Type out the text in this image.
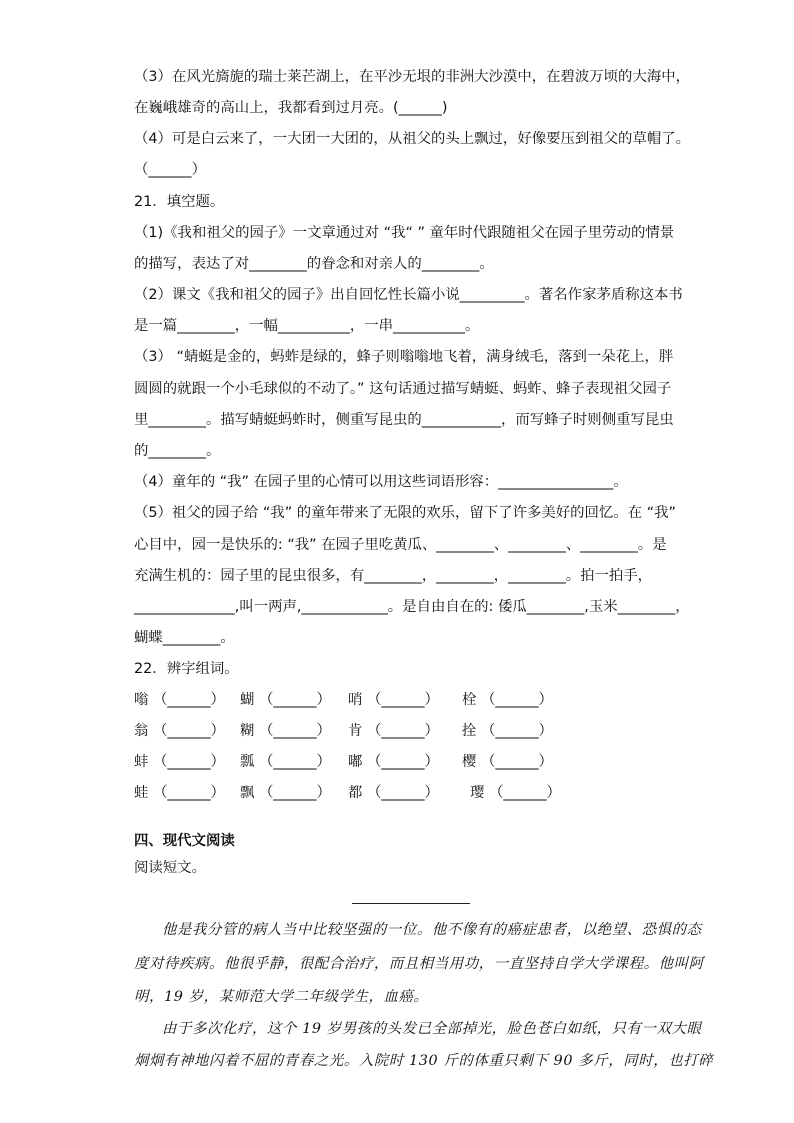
（3）在风光旖旎的瑞士莱芒湖上，在平沙无垠的非洲大沙漠中，在碧波万顷的大海中，
在巍峨雄奇的高山上，我都看到过月亮。(______)
（4）可是白云来了，一大团一大团的，从祖父的头上飘过，好像要压到祖父的草帽了。
（______）
21．填空题。
（1)《我和祖父的园子》一文章通过对 “我“ ” 童年时代跟随祖父在园子里劳动的情景
的描写，表达了对________的眷念和对亲人的________。
（2）课文《我和祖父的园子》出自回忆性长篇小说_________。著名作家茅盾称这本书
是一篇________，一幅__________，一串__________。
（3） “蜻蜓是金的，蚂蚱是绿的，蜂子则嗡嗡地飞着，满身绒毛，落到一朵花上，胖
圆圆的就跟一个小毛球似的不动了。” 这句话通过描写蜻蜓、蚂蚱、蜂子表现祖父园子
里________。描写蜻蜓蚂蚱时，侧重写昆虫的___________，而写蜂子时则侧重写昆虫
的________。
（4）童年的 “我” 在园子里的心情可以用这些词语形容：________________。
（5）祖父的园子给 “我” 的童年带来了无限的欢乐，留下了许多美好的回忆。在 “我”
心目中，园一是快乐的: “我” 在园子里吃黄瓜、________、________、________。是
充满生机的：园子里的昆虫很多，有________，________，________。拍一拍手，
______________,叫一两声,____________。是自由自在的: 倭瓜________,玉米________，
蝴蝶________。
22．辨字组词。
嗡 （______） 蝴 （______） 哨 （______） 栓 （______）
翁 （______） 糊 （______） 肯 （______） 拴 （______）
蚌 （______） 瓢 （______） 嘟 （______） 樱 （______）
蛙 （______） 飘 （______） 都 （______） 璎 （______）
四、现代文阅读
阅读短文。
他是我分管的病人当中比较坚强的一位。他不像有的癌症患者，以绝望、恐惧的态
度对待疾病。他很乎静，很配合治疗，而且相当用功，一直坚持自学大学课程。他叫阿
明，19 岁，某师范大学二年级学生，血癌。
由于多次化疗，这个 19 岁男孩的头发已全部掉光，脸色苍白如纸，只有一双大眼
炯炯有神地闪着不屈的青春之光。入院时 130 斤的体重只剩下 90 多斤，同时，也打碎
